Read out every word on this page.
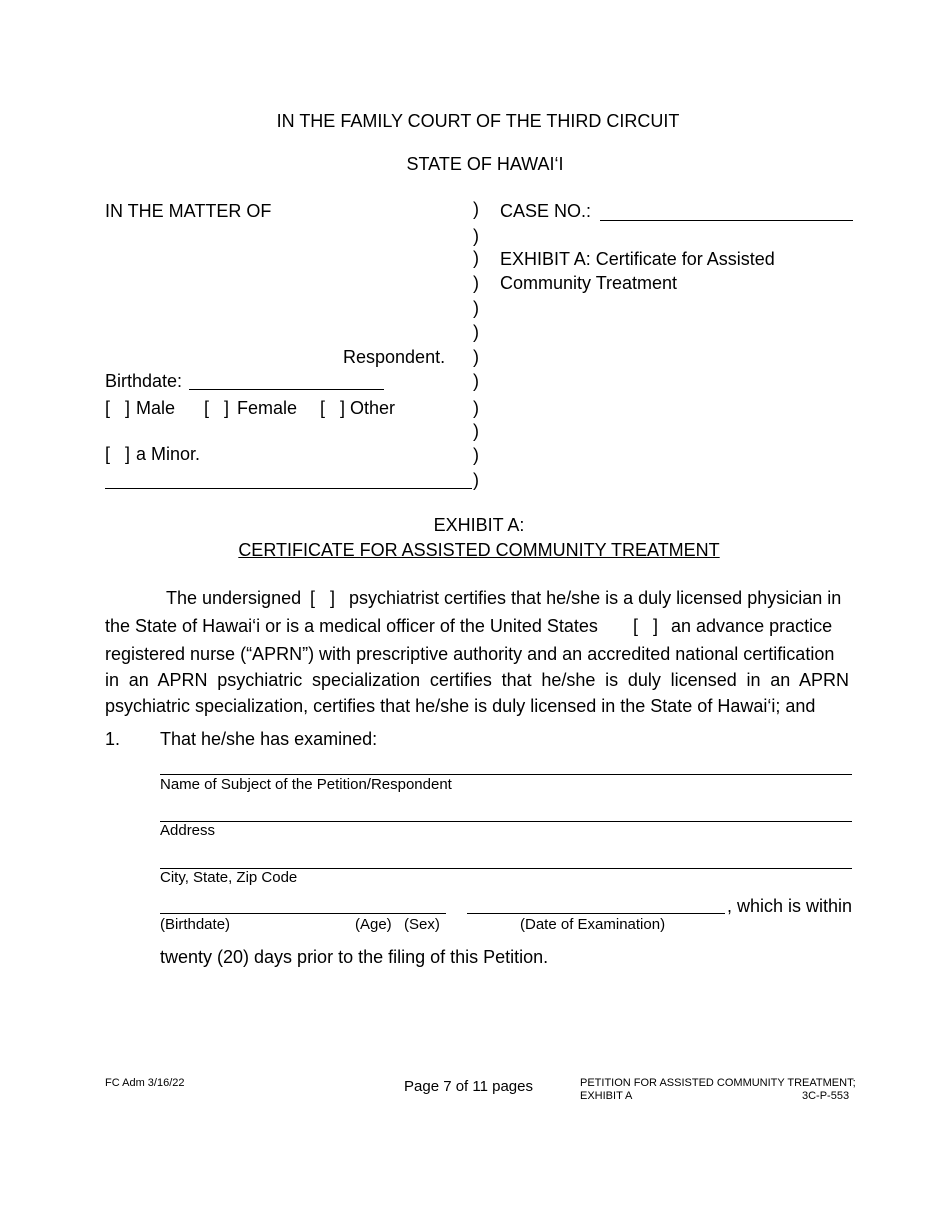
IN THE FAMILY COURT OF THE THIRD CIRCUIT
STATE OF HAWAI‘I
IN THE MATTER OF
Respondent.
Birthdate:
[   ] Male [   ] Female [   ] Other
[   ] a Minor.
)
)
)
)
)
)
)
)
)
)
)
)
CASE NO.:
EXHIBIT A: Certificate for Assisted
Community Treatment
EXHIBIT A:
CERTIFICATE FOR ASSISTED COMMUNITY TREATMENT
The undersigned [   ] psychiatrist certifies that he/she is a duly licensed physician in
the State of Hawai‘i or is a medical officer of the United States [   ] an advance practice
registered nurse (“APRN”) with prescriptive authority and an accredited national certification
in an APRN psychiatric specialization certifies that he/she is duly licensed in an APRN
psychiatric specialization, certifies that he/she is duly licensed in the State of Hawai‘i; and
1. That he/she has examined:
Name of Subject of the Petition/Respondent
Address
City, State, Zip Code
, which is within
(Birthdate)	(Age) (Sex)	(Date of Examination)
twenty (20) days prior to the filing of this Petition.
FC Adm 3/16/22	Page 7 of 11 pages	PETITION FOR ASSISTED COMMUNITY TREATMENT;
EXHIBIT A	3C-P-553
